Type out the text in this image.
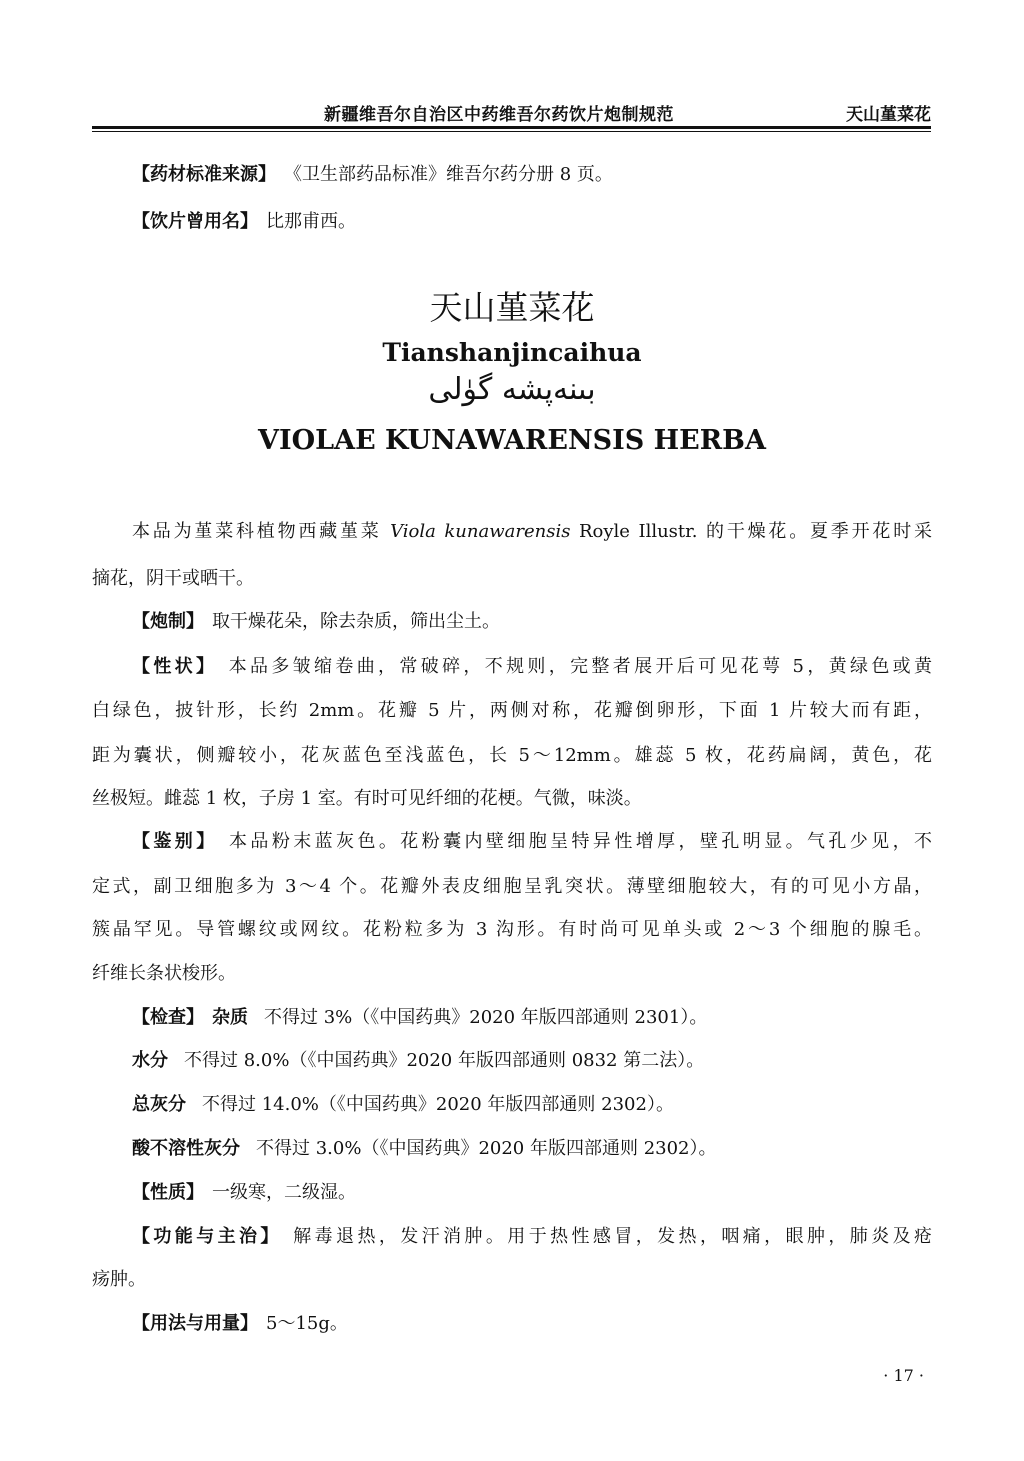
新疆维吾尔自治区中药维吾尔药饮片炮制规范	天山堇菜花
【药材标准来源】 《卫生部药品标准》维吾尔药分册 8 页。
【饮片曾用名】 比那甫西。
天山堇菜花
Tianshanjincaihua
بىنەپشە گۈلى
VIOLAE KUNAWARENSIS HERBA
本品为堇菜科植物西藏堇菜 Viola kunawarensis Royle Illustr. 的干燥花。夏季开花时采
摘花，阴干或晒干。
【炮制】 取干燥花朵，除去杂质，筛出尘土。
【性状】 本品多皱缩卷曲，常破碎，不规则，完整者展开后可见花萼 5，黄绿色或黄
白绿色，披针形，长约 2mm。花瓣 5 片，两侧对称，花瓣倒卵形，下面 1 片较大而有距，
距为囊状，侧瓣较小，花灰蓝色至浅蓝色，长 5～12mm。雄蕊 5 枚，花药扁阔，黄色，花
丝极短。雌蕊 1 枚，子房 1 室。有时可见纤细的花梗。气微，味淡。
【鉴别】 本品粉末蓝灰色。花粉囊内壁细胞呈特异性增厚，壁孔明显。气孔少见，不
定式，副卫细胞多为 3～4 个。花瓣外表皮细胞呈乳突状。薄壁细胞较大，有的可见小方晶，
簇晶罕见。导管螺纹或网纹。花粉粒多为 3 沟形。有时尚可见单头或 2～3 个细胞的腺毛。
纤维长条状梭形。
【检查】 杂质 不得过 3%（《中国药典》2020 年版四部通则 2301）。
水分 不得过 8.0%（《中国药典》2020 年版四部通则 0832 第二法）。
总灰分 不得过 14.0%（《中国药典》2020 年版四部通则 2302）。
酸不溶性灰分 不得过 3.0%（《中国药典》2020 年版四部通则 2302）。
【性质】 一级寒，二级湿。
【功能与主治】 解毒退热，发汗消肿。用于热性感冒，发热，咽痛，眼肿，肺炎及疮
疡肿。
【用法与用量】 5～15g。
· 17 ·
